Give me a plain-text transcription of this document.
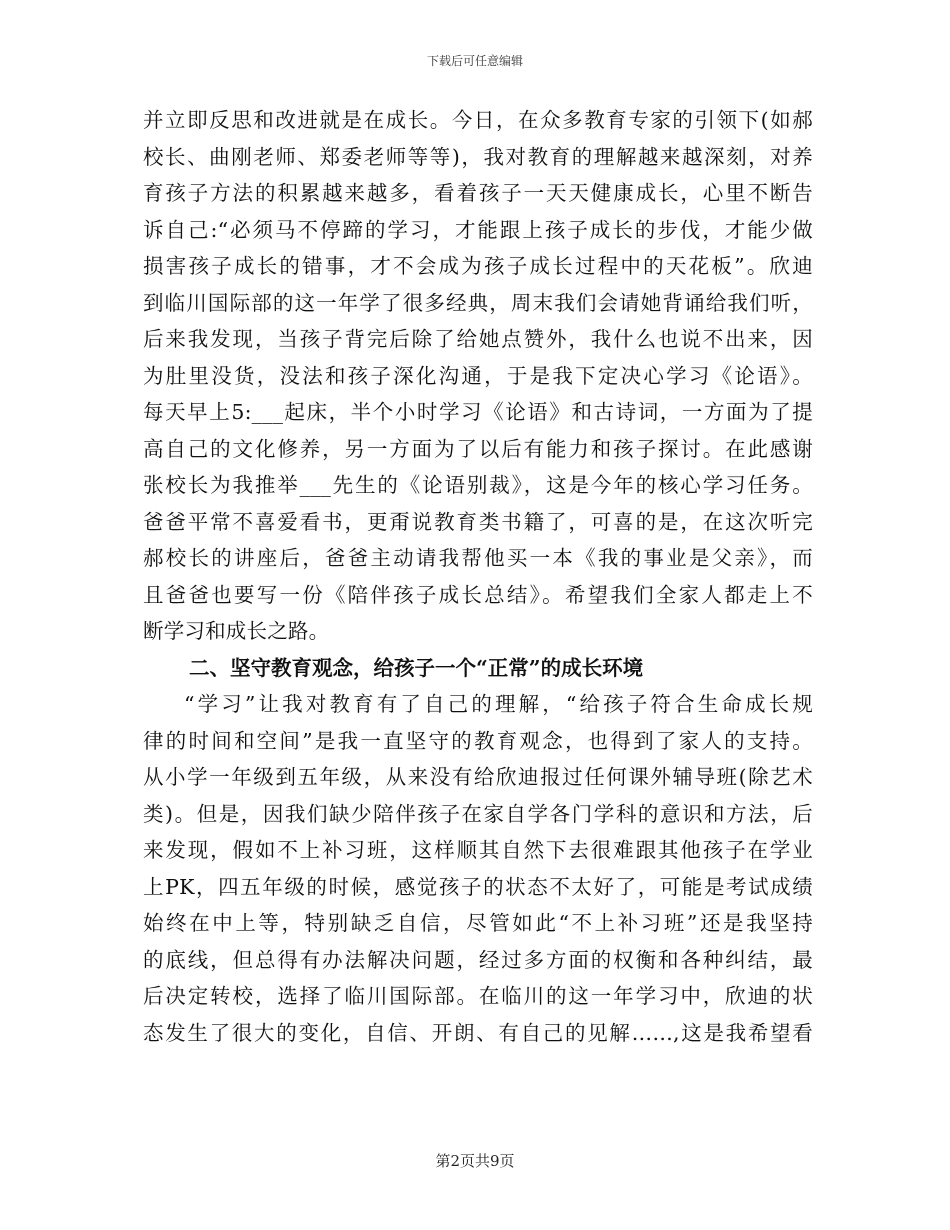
下载后可任意编辑
并立即反思和改进就是在成长。今日，在众多教育专家的引领下(如郝
校长、曲刚老师、郑委老师等等)，我对教育的理解越来越深刻，对养
育孩子方法的积累越来越多，看着孩子一天天健康成长，心里不断告
诉自己:“必须马不停蹄的学习，才能跟上孩子成长的步伐，才能少做
损害孩子成长的错事，才不会成为孩子成长过程中的天花板”。欣迪
到临川国际部的这一年学了很多经典，周末我们会请她背诵给我们听，
后来我发现，当孩子背完后除了给她点赞外，我什么也说不出来，因
为肚里没货，没法和孩子深化沟通，于是我下定决心学习《论语》。
每天早上5:___起床，半个小时学习《论语》和古诗词，一方面为了提
高自己的文化修养，另一方面为了以后有能力和孩子探讨。在此感谢
张校长为我推举___先生的《论语别裁》，这是今年的核心学习任务。
爸爸平常不喜爱看书，更甭说教育类书籍了，可喜的是，在这次听完
郝校长的讲座后，爸爸主动请我帮他买一本《我的事业是父亲》，而
且爸爸也要写一份《陪伴孩子成长总结》。希望我们全家人都走上不
断学习和成长之路。
二、坚守教育观念，给孩子一个“正常”的成长环境
“学习”让我对教育有了自己的理解，“给孩子符合生命成长规
律的时间和空间”是我一直坚守的教育观念，也得到了家人的支持。
从小学一年级到五年级，从来没有给欣迪报过任何课外辅导班(除艺术
类)。但是，因我们缺少陪伴孩子在家自学各门学科的意识和方法，后
来发现，假如不上补习班，这样顺其自然下去很难跟其他孩子在学业
上PK，四五年级的时候，感觉孩子的状态不太好了，可能是考试成绩
始终在中上等，特别缺乏自信，尽管如此“不上补习班”还是我坚持
的底线，但总得有办法解决问题，经过多方面的权衡和各种纠结，最
后决定转校，选择了临川国际部。在临川的这一年学习中，欣迪的状
态发生了很大的变化，自信、开朗、有自己的见解……,这是我希望看
第2页共9页
